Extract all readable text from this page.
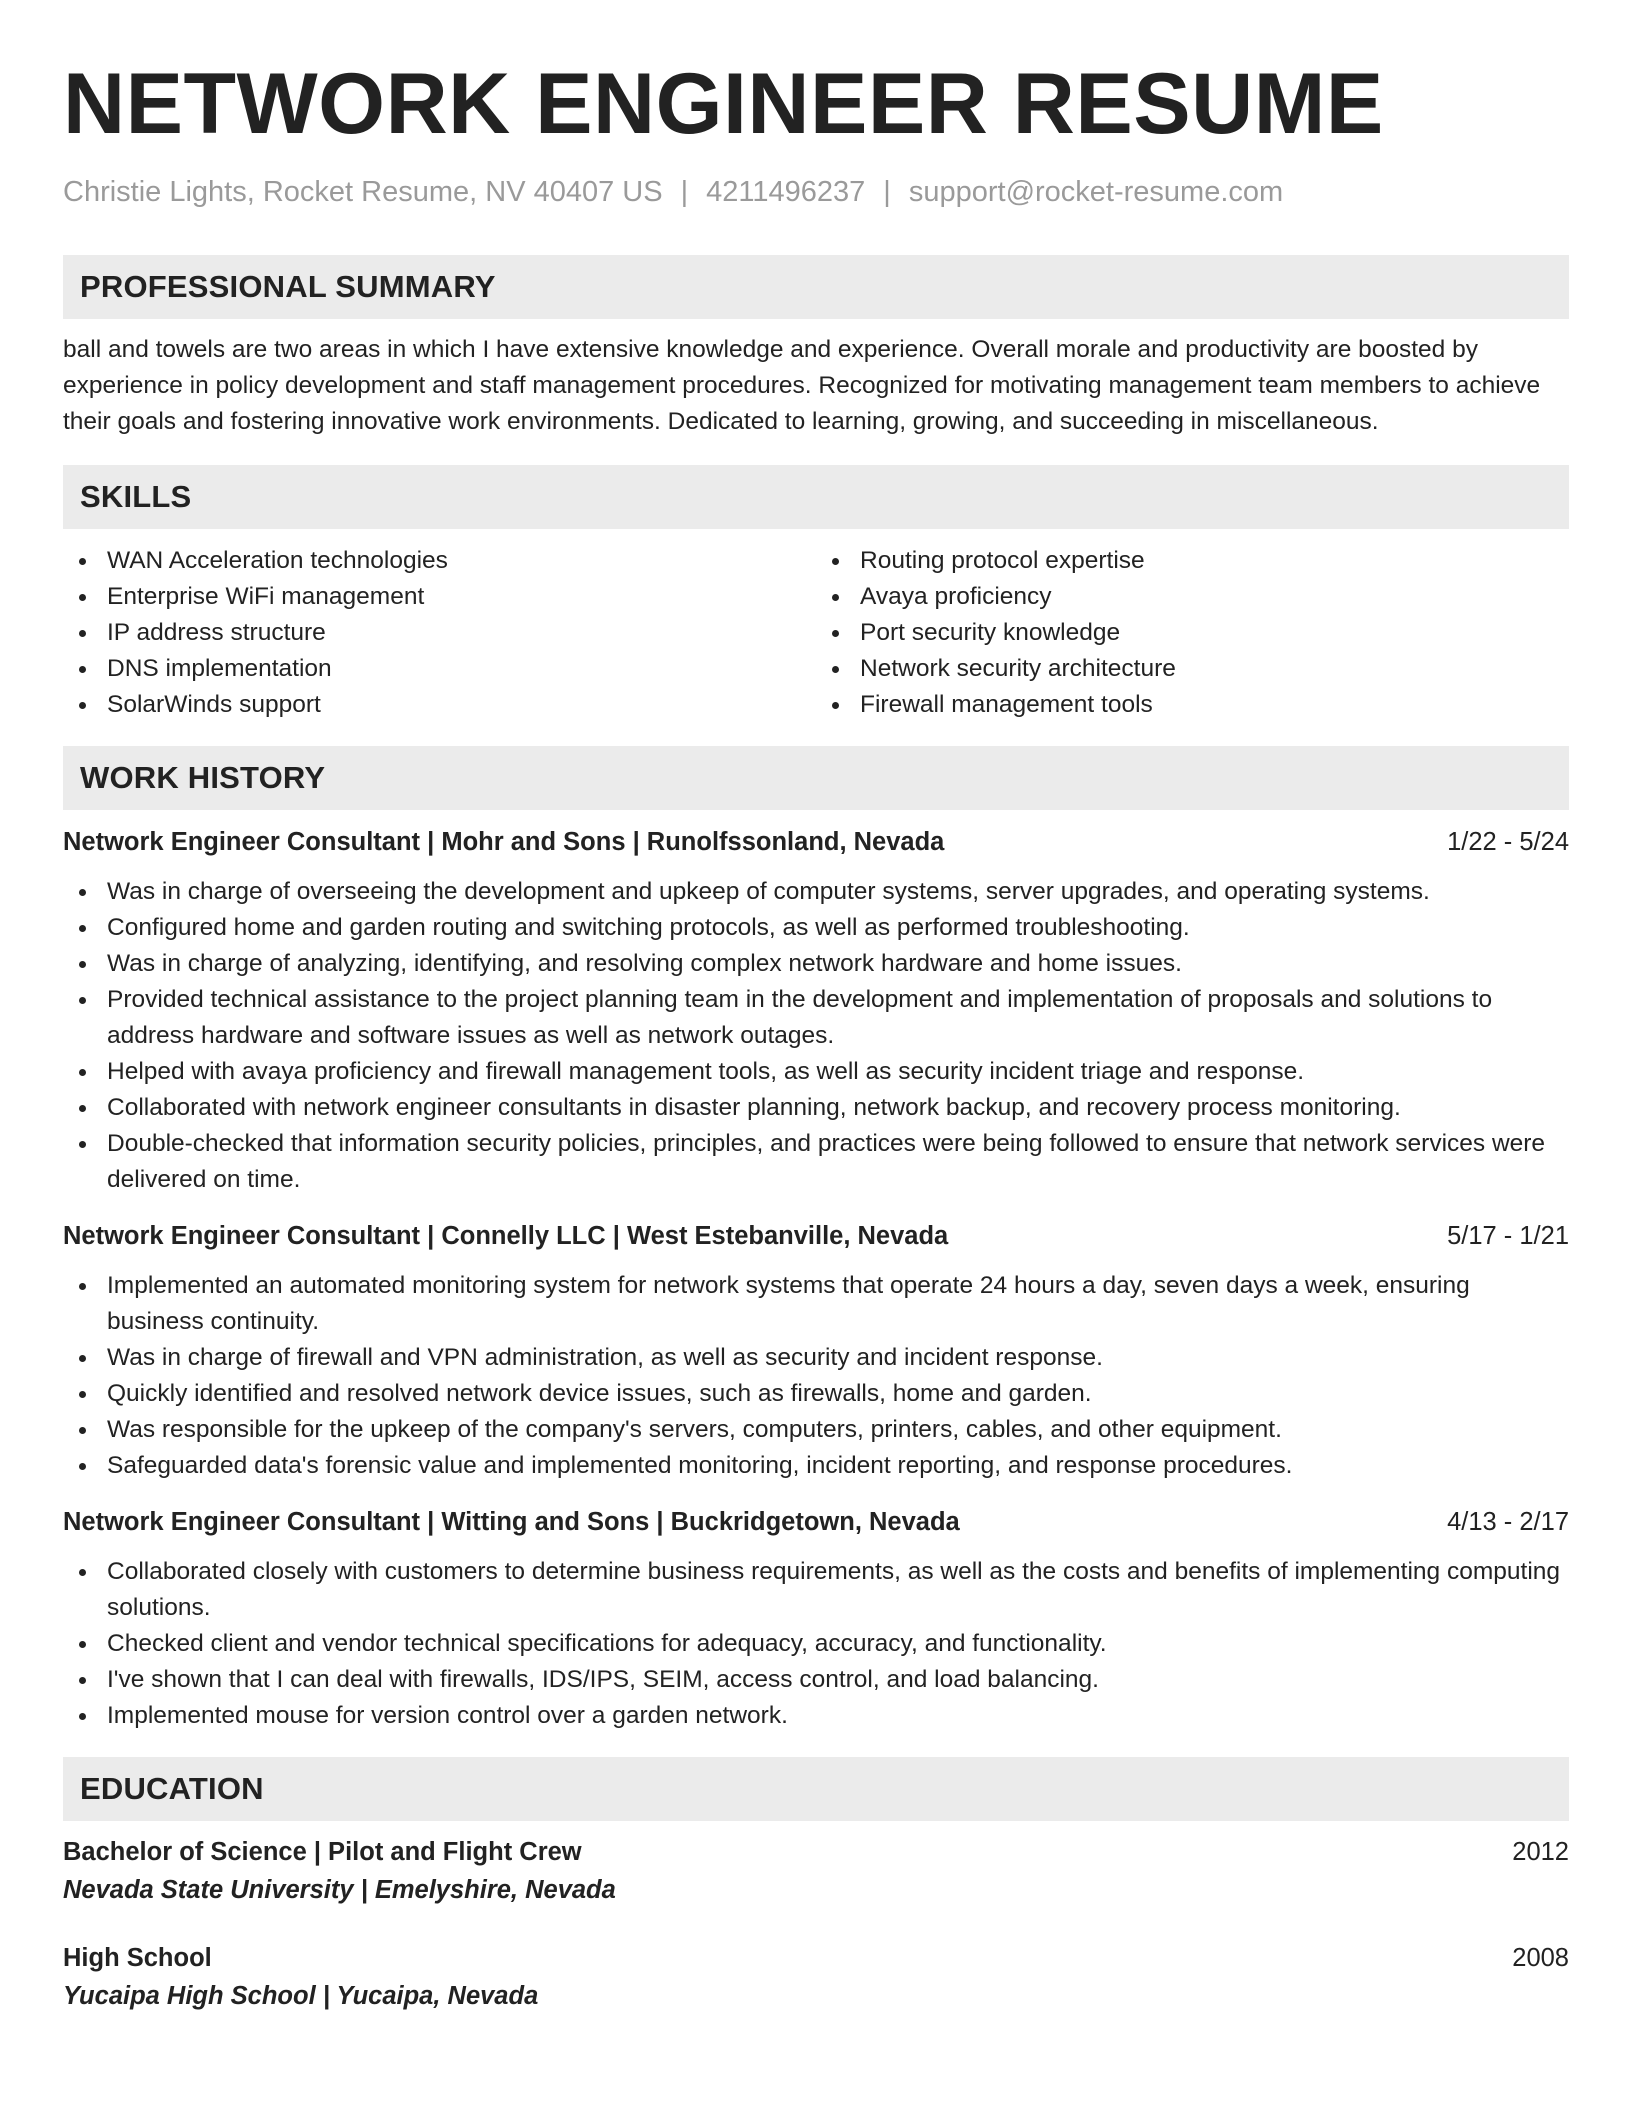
NETWORK ENGINEER RESUME
Christie Lights, Rocket Resume, NV 40407 US | 4211496237 | support@rocket-resume.com
PROFESSIONAL SUMMARY
ball and towels are two areas in which I have extensive knowledge and experience. Overall morale and productivity are boosted by experience in policy development and staff management procedures. Recognized for motivating management team members to achieve their goals and fostering innovative work environments. Dedicated to learning, growing, and succeeding in miscellaneous.
SKILLS
WAN Acceleration technologies
Enterprise WiFi management
IP address structure
DNS implementation
SolarWinds support
Routing protocol expertise
Avaya proficiency
Port security knowledge
Network security architecture
Firewall management tools
WORK HISTORY
Network Engineer Consultant | Mohr and Sons | Runolfssonland, Nevada	1/22 - 5/24
Was in charge of overseeing the development and upkeep of computer systems, server upgrades, and operating systems.
Configured home and garden routing and switching protocols, as well as performed troubleshooting.
Was in charge of analyzing, identifying, and resolving complex network hardware and home issues.
Provided technical assistance to the project planning team in the development and implementation of proposals and solutions to address hardware and software issues as well as network outages.
Helped with avaya proficiency and firewall management tools, as well as security incident triage and response.
Collaborated with network engineer consultants in disaster planning, network backup, and recovery process monitoring.
Double-checked that information security policies, principles, and practices were being followed to ensure that network services were delivered on time.
Network Engineer Consultant | Connelly LLC | West Estebanville, Nevada	5/17 - 1/21
Implemented an automated monitoring system for network systems that operate 24 hours a day, seven days a week, ensuring business continuity.
Was in charge of firewall and VPN administration, as well as security and incident response.
Quickly identified and resolved network device issues, such as firewalls, home and garden.
Was responsible for the upkeep of the company's servers, computers, printers, cables, and other equipment.
Safeguarded data's forensic value and implemented monitoring, incident reporting, and response procedures.
Network Engineer Consultant | Witting and Sons | Buckridgetown, Nevada	4/13 - 2/17
Collaborated closely with customers to determine business requirements, as well as the costs and benefits of implementing computing solutions.
Checked client and vendor technical specifications for adequacy, accuracy, and functionality.
I've shown that I can deal with firewalls, IDS/IPS, SEIM, access control, and load balancing.
Implemented mouse for version control over a garden network.
EDUCATION
Bachelor of Science | Pilot and Flight Crew	2012
Nevada State University | Emelyshire, Nevada
High School	2008
Yucaipa High School | Yucaipa, Nevada
